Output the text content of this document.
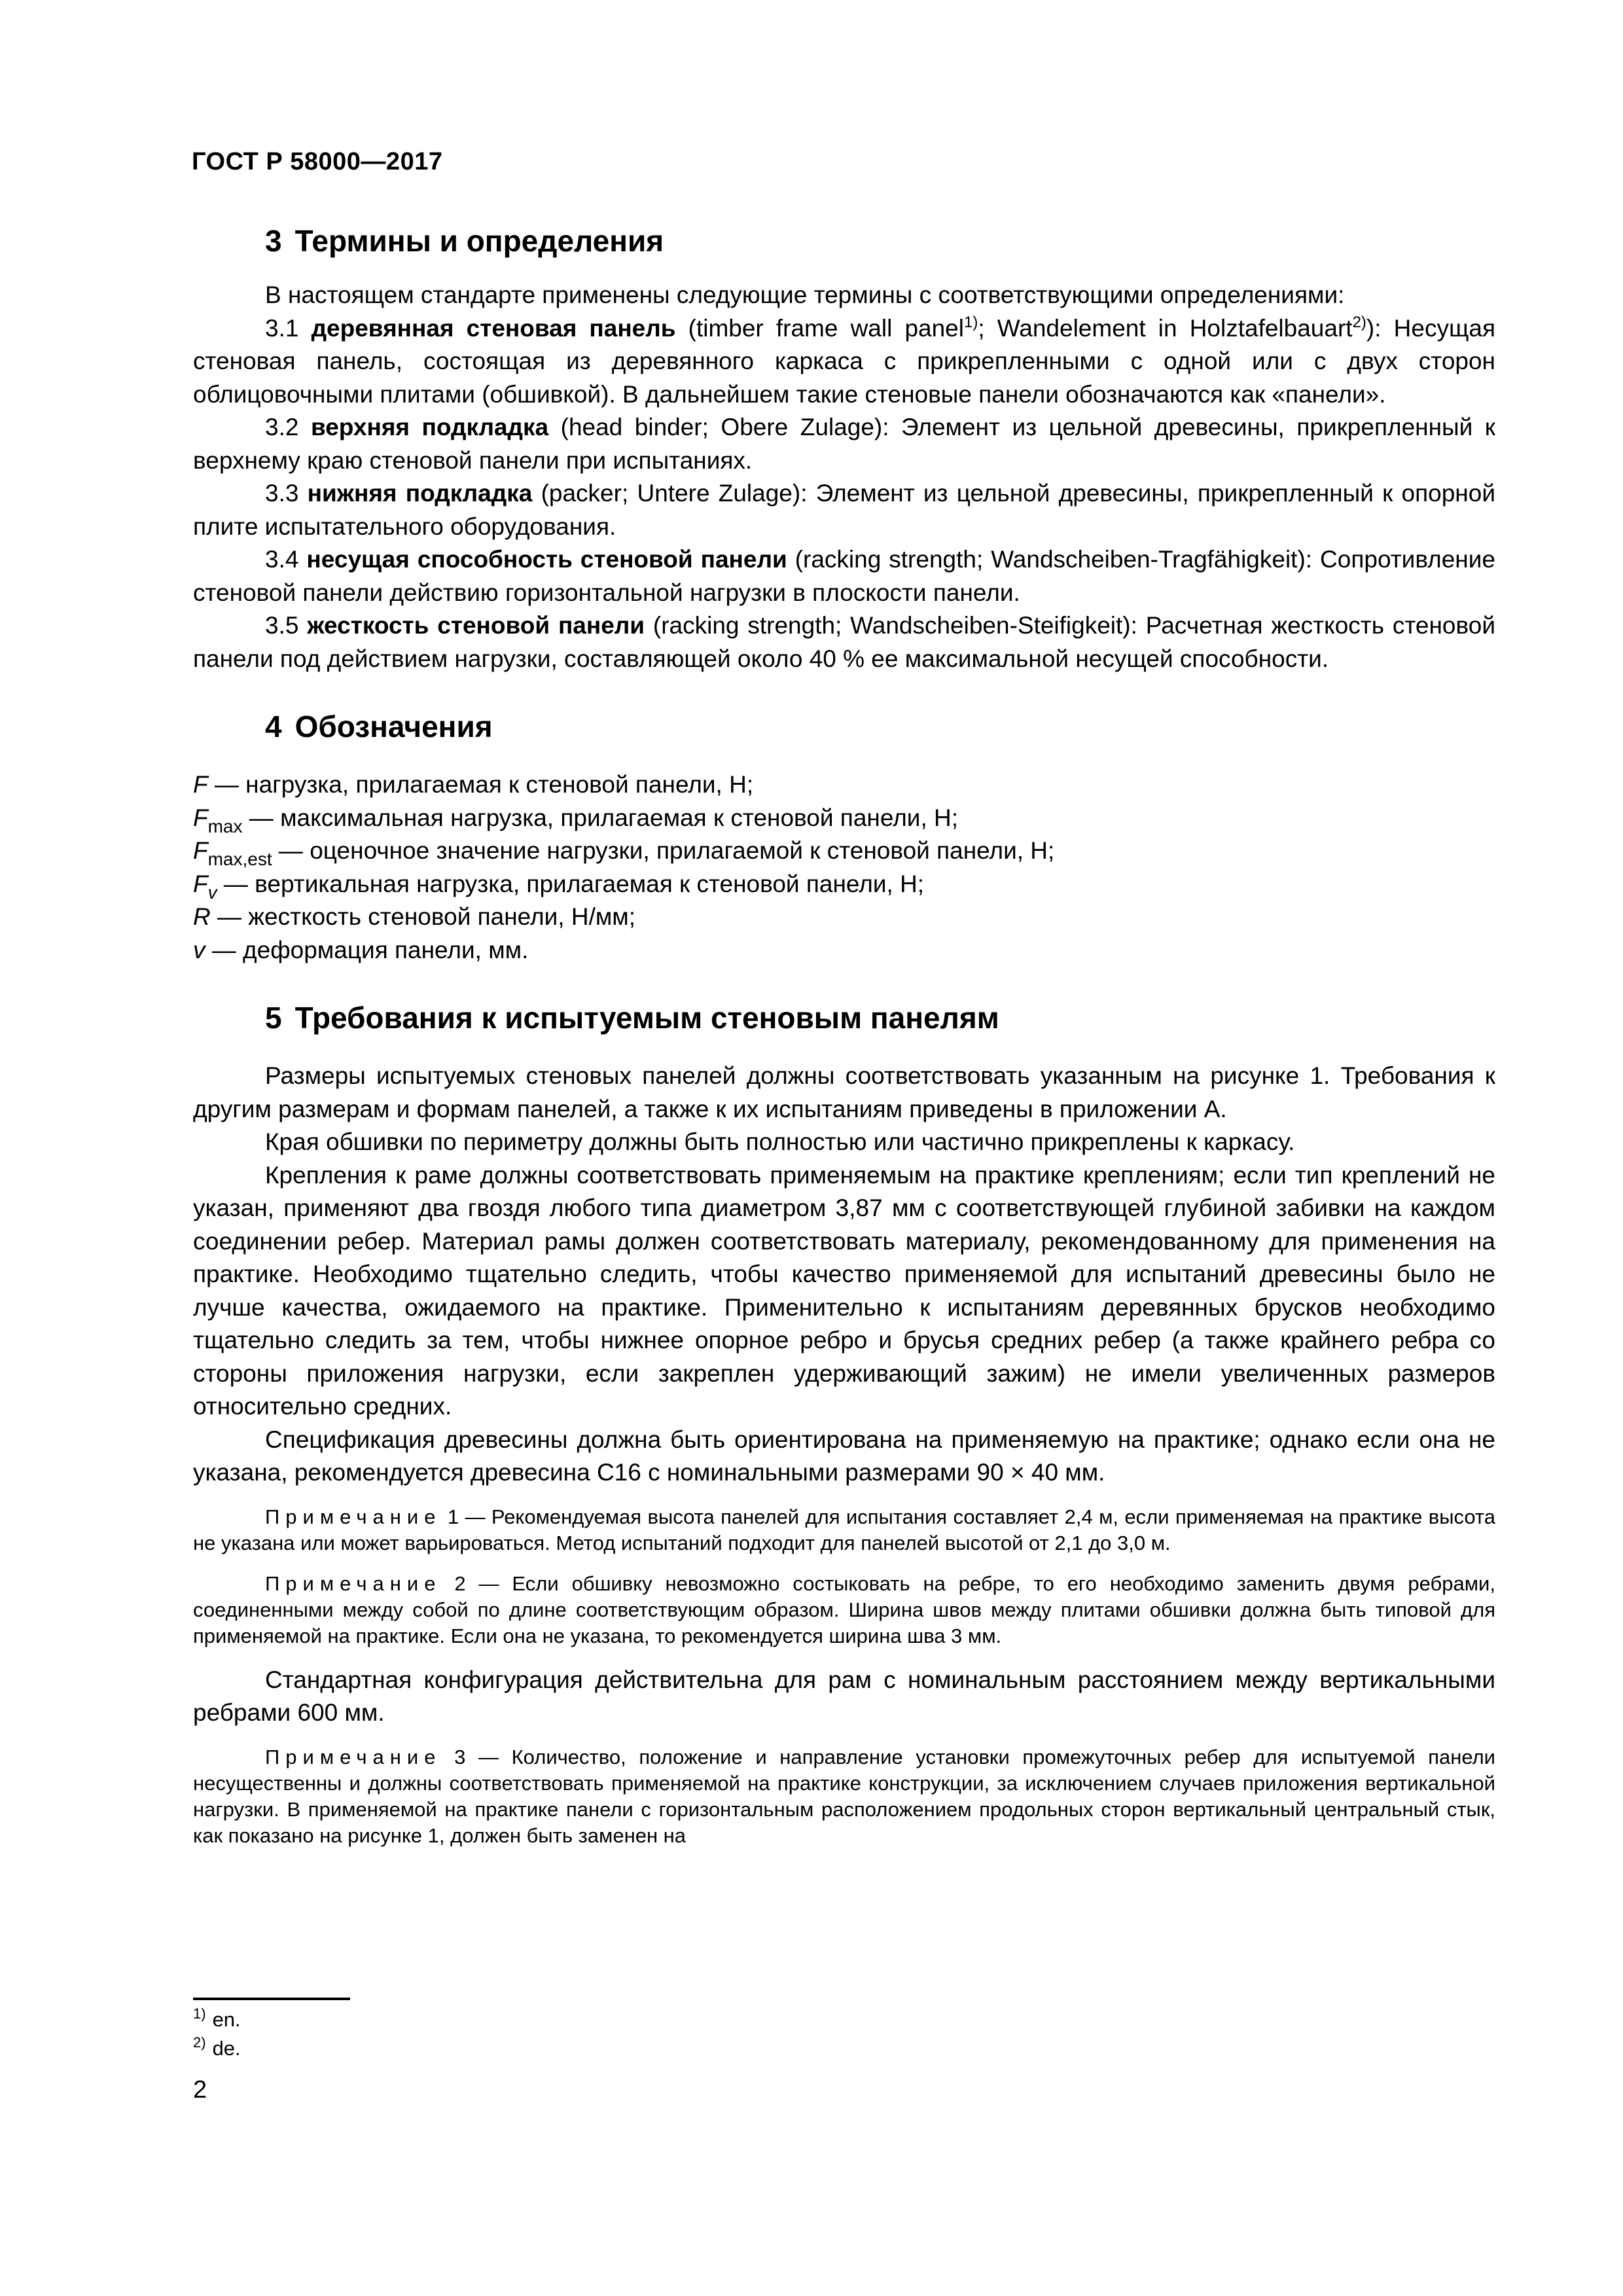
ГОСТ Р 58000—2017
3 Термины и определения

В настоящем стандарте применены следующие термины с соответствующими определениями:

3.1 деревянная стеновая панель (timber frame wall panel$^{1)}$; Wandelement in Holztafelbauart$^{2)}$): Несущая стеновая панель, состоящая из деревянного каркаса с прикрепленными с одной или с двух сторон облицовочными плитами (обшивкой). В дальнейшем такие стеновые панели обозначаются как «панели».

3.2 верхняя подкладка (head binder; Obere Zulage): Элемент из цельной древесины, прикрепленный к верхнему краю стеновой панели при испытаниях.

3.3 нижняя подкладка (packer; Untere Zulage): Элемент из цельной древесины, прикрепленный к опорной плите испытательного оборудования.

3.4 несущая способность стеновой панели (racking strength; Wandscheiben-Tragfähigkeit): Сопротивление стеновой панели действию горизонтальной нагрузки в плоскости панели.

3.5 жесткость стеновой панели (racking strength; Wandscheiben-Steifigkeit): Расчетная жесткость стеновой панели под действием нагрузки, составляющей около 40 % ее максимальной несущей способности.

4 Обозначения

F — нагрузка, прилагаемая к стеновой панели, Н;

$F_{max}$ — максимальная нагрузка, прилагаемая к стеновой панели, Н;

$F_{max,est}$ — оценочное значение нагрузки, прилагаемой к стеновой панели, Н;

$F_v$ — вертикальная нагрузка, прилагаемая к стеновой панели, Н;

R — жесткость стеновой панели, Н/мм;

v — деформация панели, мм.

5 Требования к испытуемым стеновым панелям

Размеры испытуемых стеновых панелей должны соответствовать указанным на рисунке 1. Требования к другим размерам и формам панелей, а также к их испытаниям приведены в приложении А.

Края обшивки по периметру должны быть полностью или частично прикреплены к каркасу.

Крепления к раме должны соответствовать применяемым на практике креплениям; если тип креплений не указан, применяют два гвоздя любого типа диаметром 3,87 мм с соответствующей глубиной забивки на каждом соединении ребер. Материал рамы должен соответствовать материалу, рекомендованному для применения на практике. Необходимо тщательно следить, чтобы качество применяемой для испытаний древесины было не лучше качества, ожидаемого на практике. Применительно к испытаниям деревянных брусков необходимо тщательно следить за тем, чтобы нижнее опорное ребро и брусья средних ребер (а также крайнего ребра со стороны приложения нагрузки, если закреплен удерживающий зажим) не имели увеличенных размеров относительно средних.

Спецификация древесины должна быть ориентирована на применяемую на практике; однако если она не указана, рекомендуется древесина С16 с номинальными размерами 90 × 40 мм.

Примечание 1 — Рекомендуемая высота панелей для испытания составляет 2,4 м, если применяемая на практике высота не указана или может варьироваться. Метод испытаний подходит для панелей высотой от 2,1 до 3,0 м.

Примечание 2 — Если обшивку невозможно состыковать на ребре, то его необходимо заменить двумя ребрами, соединенными между собой по длине соответствующим образом. Ширина швов между плитами обшивки должна быть типовой для применяемой на практике. Если она не указана, то рекомендуется ширина шва 3 мм.

Стандартная конфигурация действительна для рам с номинальным расстоянием между вертикальными ребрами 600 мм.

Примечание 3 — Количество, положение и направление установки промежуточных ребер для испытуемой панели несущественны и должны соответствовать применяемой на практике конструкции, за исключением случаев приложения вертикальной нагрузки. В применяемой на практике панели с горизонтальным расположением продольных сторон вертикальный центральный стык, как показано на рисунке 1, должен быть заменен на

$^{1)}$ en.
$^{2)}$ de.
2
